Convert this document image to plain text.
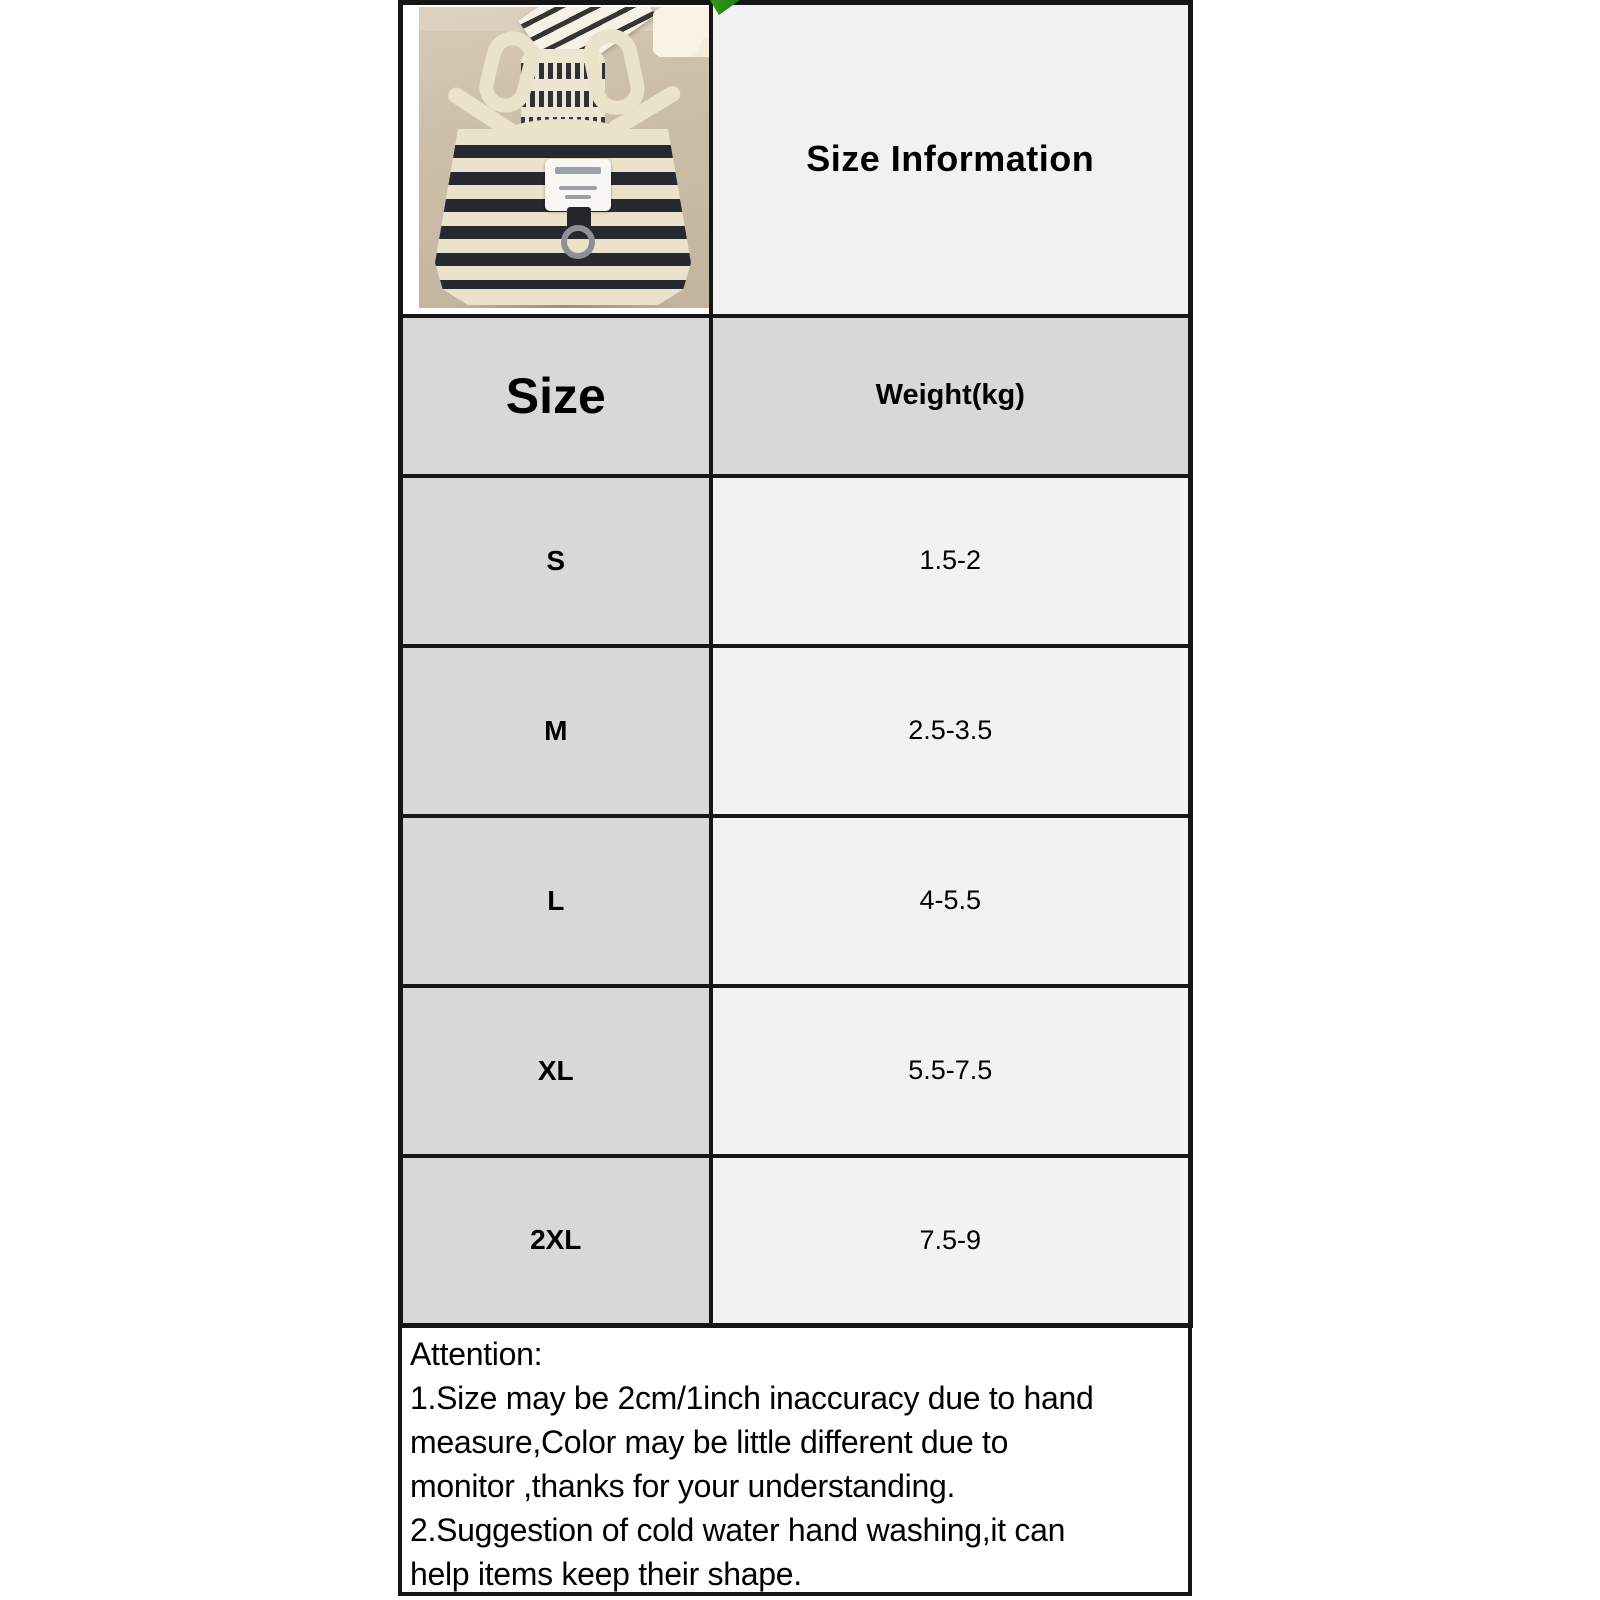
	Size Information
Size	Weight(kg)
S	1.5-2
M	2.5-3.5
L	4-5.5
XL	5.5-7.5
2XL	7.5-9
Attention:
1.Size may be 2cm/1inch inaccuracy due to hand
measure,Color may be little different due to
monitor ,thanks for your understanding.
2.Suggestion of cold water hand washing,it can
help items keep their shape.
